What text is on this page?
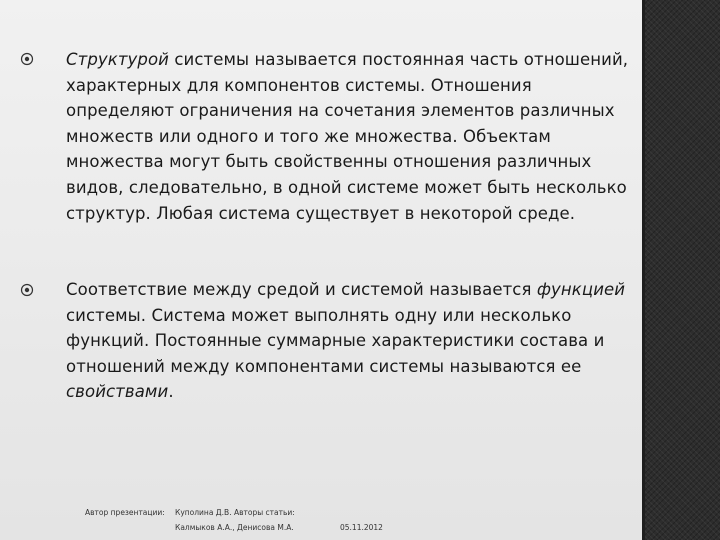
Структурой системы называется постоянная часть отношений, характерных для компонентов системы. Отношения определяют ограничения на сочетания элементов различных множеств или одного и того же множества. Объектам множества могут быть свойственны отношения различных видов, следовательно, в одной системе может быть несколько структур. Любая система существует в некоторой среде.
Соответствие между средой и системой называется функцией системы. Система может выполнять одну или несколько функций. Постоянные суммарные характеристики состава и отношений между компонентами системы называются ее свойствами.
Автор презентации: Куполина Д.В. Авторы статьи:
Калмыков А.А., Денисова М.А.	05.11.2012
